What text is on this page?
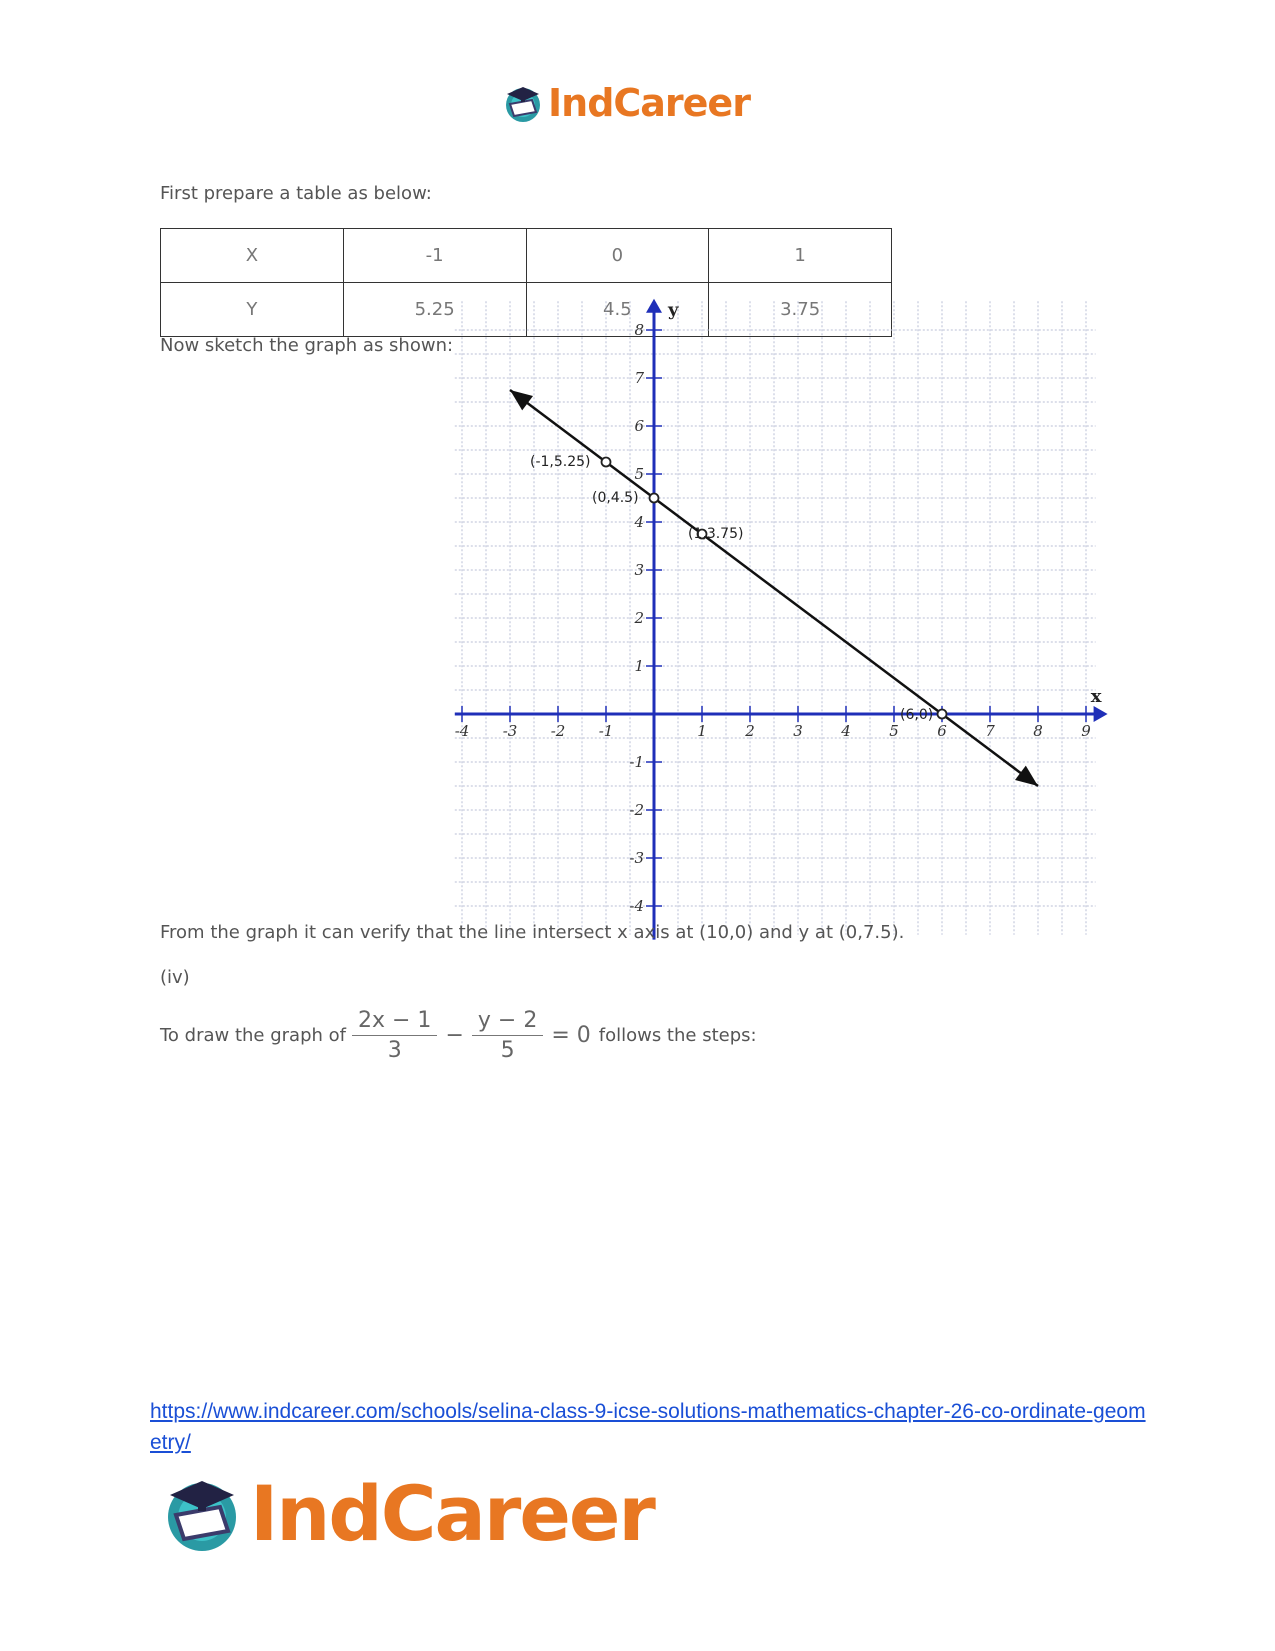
IndCareer
First prepare a table as below:
X	-1	0	1
Y	5.25	4.5	3.75
Now sketch the graph as shown:
x
y
-4 -3 -2 -1	1	2	3	4	5	6	7	8	9
8
7
6
5
4
3
2
1
-1
-2
-3
-4
(-1,5.25)
(0,4.5)
(1,3.75)
(6,0)
From the graph it can verify that the line intersect x axis at (10,0) and y at (0,7.5).
(iv)
To draw the graph of $\frac{2x - 1}{3} - \frac{y - 2}{5} = 0$ follows the steps:
https://www.indcareer.com/schools/selina-class-9-icse-solutions-mathematics-chapter-26-co-ordinate-geometry/
IndCareer
